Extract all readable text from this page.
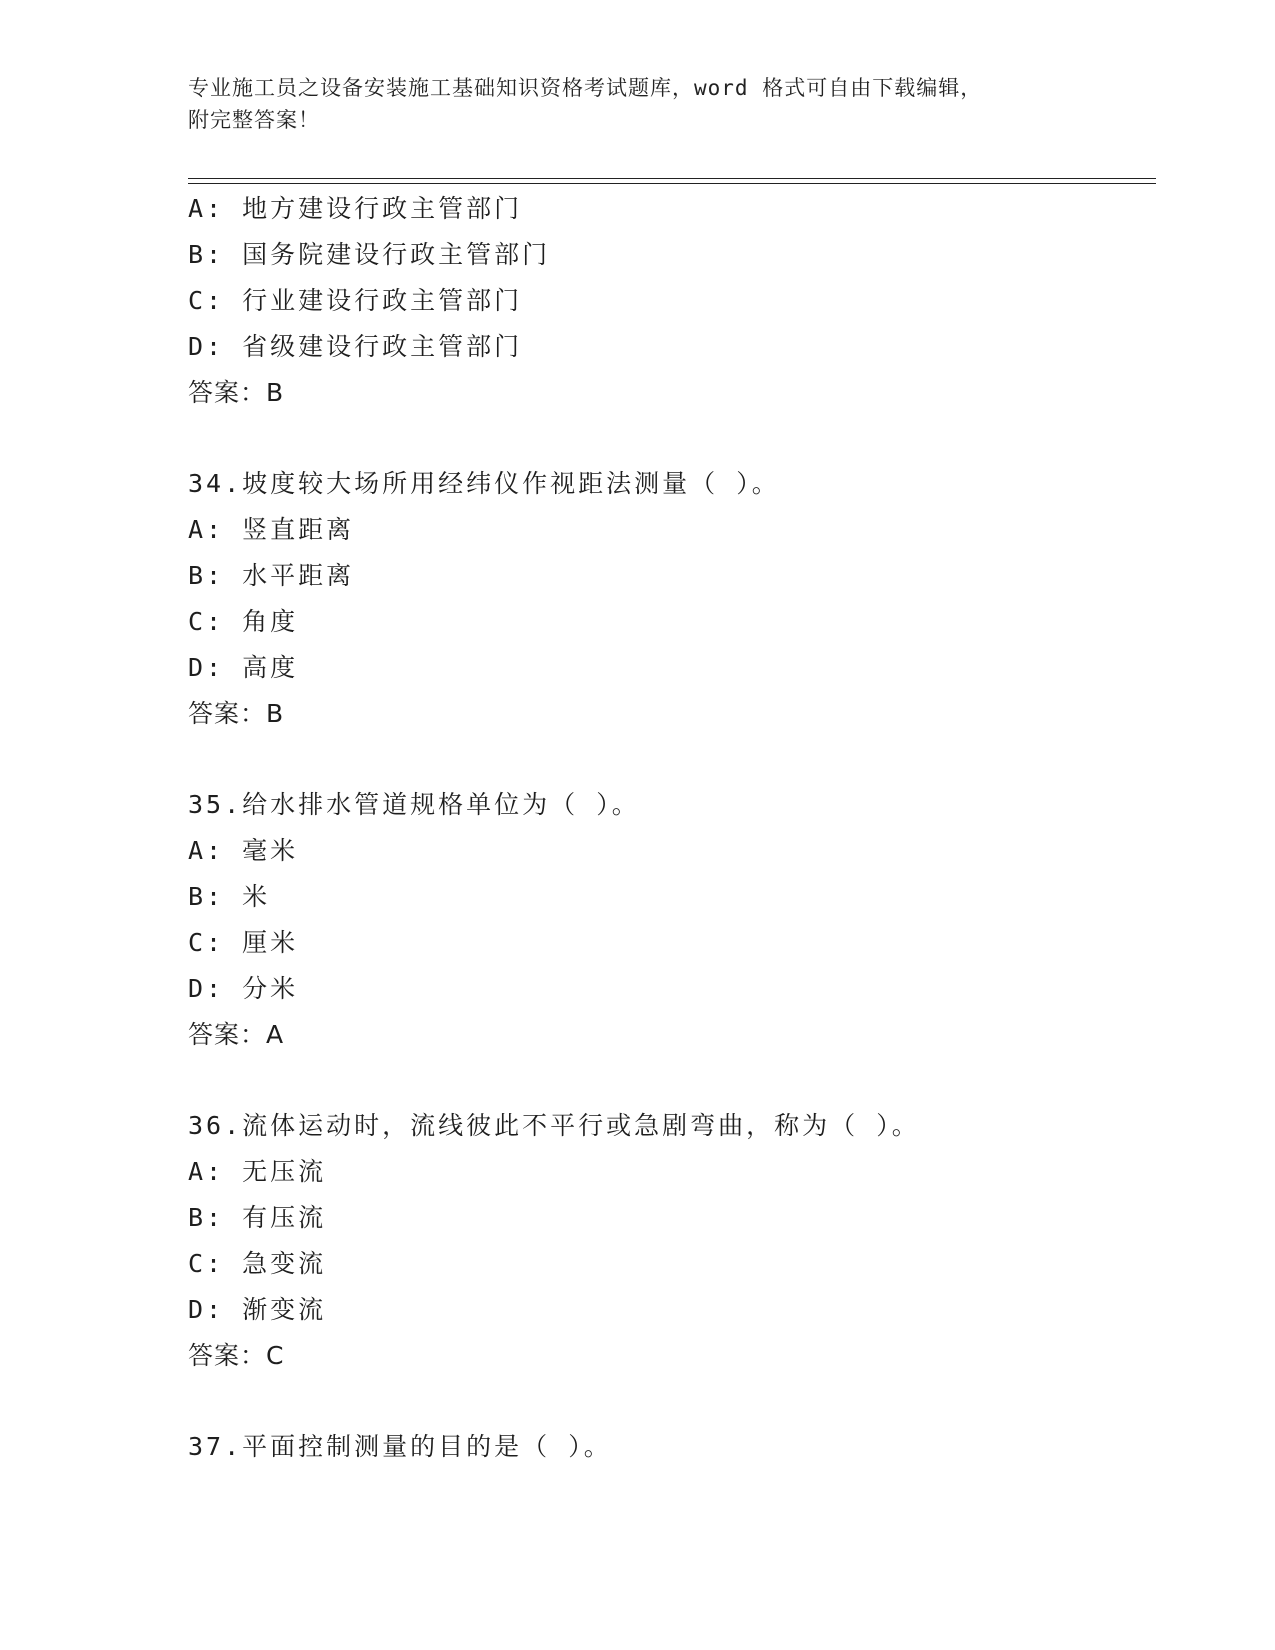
专业施工员之设备安装施工基础知识资格考试题库，word 格式可自由下载编辑，
附完整答案！
A: 地方建设行政主管部门
B: 国务院建设行政主管部门
C: 行业建设行政主管部门
D: 省级建设行政主管部门
答案：B
34.坡度较大场所用经纬仪作视距法测量（ ）。
A: 竖直距离
B: 水平距离
C: 角度
D: 高度
答案：B
35.给水排水管道规格单位为（ ）。
A: 毫米
B: 米
C: 厘米
D: 分米
答案：A
36.流体运动时，流线彼此不平行或急剧弯曲，称为（ ）。
A: 无压流
B: 有压流
C: 急变流
D: 渐变流
答案：C
37.平面控制测量的目的是（ ）。
